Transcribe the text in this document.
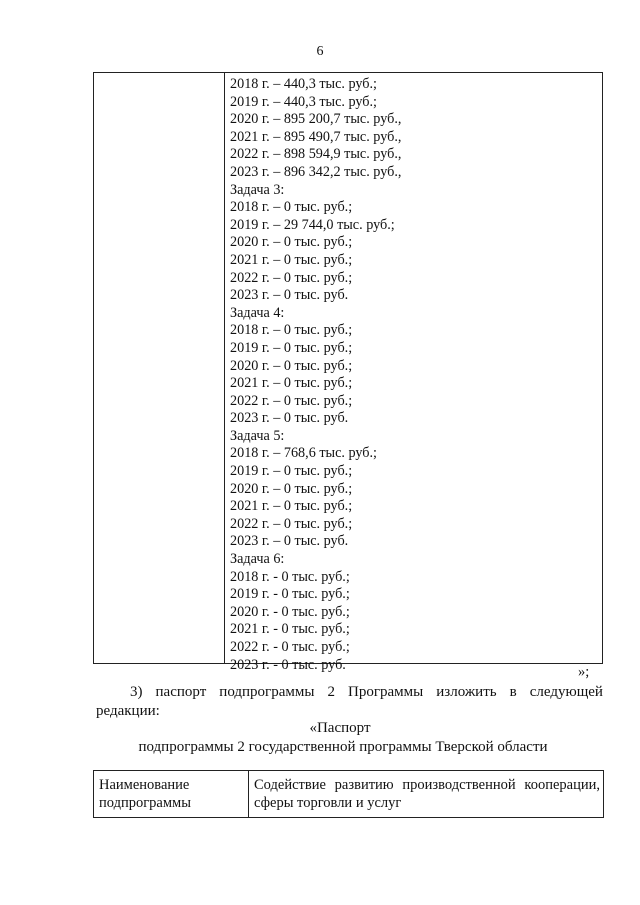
6
2018 г. – 440,3 тыс. руб.;
2019 г. – 440,3 тыс. руб.;
2020 г. – 895 200,7 тыс. руб.,
2021 г. – 895 490,7 тыс. руб.,
2022 г. – 898 594,9 тыс. руб.,
2023 г. – 896 342,2 тыс. руб.,
Задача 3:
2018 г. – 0 тыс. руб.;
2019 г. – 29 744,0 тыс. руб.;
2020 г. – 0 тыс. руб.;
2021 г. – 0 тыс. руб.;
2022 г. – 0 тыс. руб.;
2023 г. – 0 тыс. руб.
Задача 4:
2018 г. – 0 тыс. руб.;
2019 г. – 0 тыс. руб.;
2020 г. – 0 тыс. руб.;
2021 г. – 0 тыс. руб.;
2022 г. – 0 тыс. руб.;
2023 г. – 0 тыс. руб.
Задача 5:
2018 г. – 768,6 тыс. руб.;
2019 г. – 0 тыс. руб.;
2020 г. – 0 тыс. руб.;
2021 г. – 0 тыс. руб.;
2022 г. – 0 тыс. руб.;
2023 г. – 0 тыс. руб.
Задача 6:
2018 г. - 0 тыс. руб.;
2019 г. - 0 тыс. руб.;
2020 г. - 0 тыс. руб.;
2021 г. - 0 тыс. руб.;
2022 г. - 0 тыс. руб.;
2023 г. - 0 тыс. руб.	»;
3) паспорт подпрограммы 2 Программы изложить в следующей
редакции:
«Паспорт
подпрограммы 2 государственной программы Тверской области
Наименование подпрограммы
Содействие развитию производственной кооперации, сферы торговли и услуг
